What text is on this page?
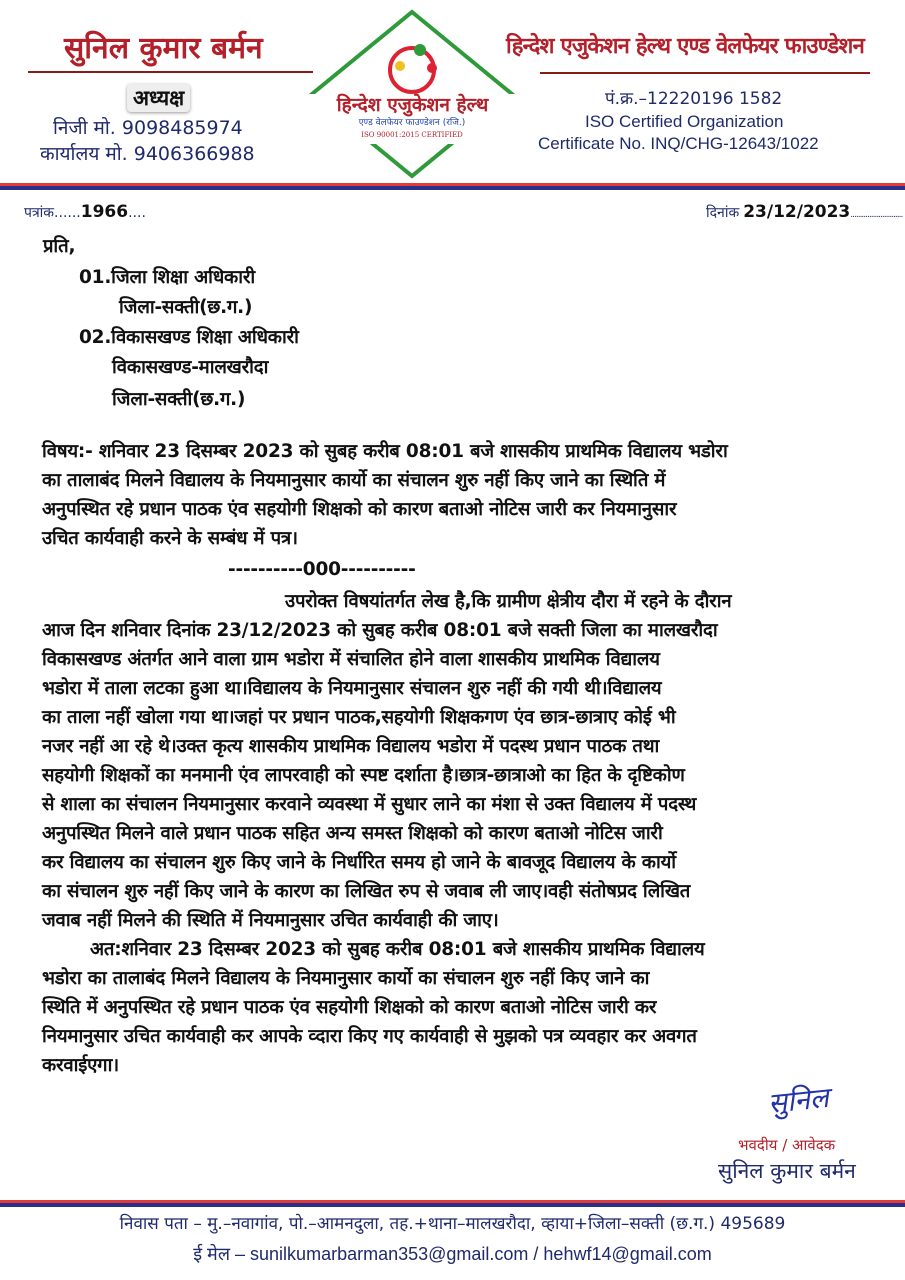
सुनिल कुमार बर्मन
अध्यक्ष
निजी मो. 9098485974
कार्यालय मो. 9406366988
हिन्देश एजुकेशन हेल्थ
एण्ड वेलफेयर फाउण्डेशन (रजि.)
ISO 90001:2015 CERTIFIED
हिन्देश एजुकेशन हेल्थ एण्ड वेलफेयर फाउण्डेशन
पं.क्र.–12220196 1582
ISO Certified Organization
Certificate No. INQ/CHG-12643/1022
पत्रांक......1966....	दिनांक 23/12/2023............................
प्रति,
01.जिला शिक्षा अधिकारी
जिला-सक्ती(छ.ग.)
02.विकासखण्ड शिक्षा अधिकारी
विकासखण्ड-मालखरौदा
जिला-सक्ती(छ.ग.)
विषय:- शनिवार 23 दिसम्बर 2023 को सुबह करीब 08:01 बजे शासकीय प्राथमिक विद्यालय भडोरा
का तालाबंद मिलने विद्यालय के नियमानुसार कार्यो का संचालन शुरु नहीं किए जाने का स्थिति में
अनुपस्थित रहे प्रधान पाठक एंव सहयोगी शिक्षको को कारण बताओ नोटिस जारी कर नियमानुसार
उचित कार्यवाही करने के सम्बंध में पत्र।
----------000----------
उपरोक्त विषयांतर्गत लेख है,कि ग्रामीण क्षेत्रीय दौरा में रहने के दौरान
आज दिन शनिवार दिनांक 23/12/2023 को सुबह करीब 08:01 बजे सक्ती जिला का मालखरौदा
विकासखण्ड अंतर्गत आने वाला ग्राम भडोरा में संचालित होने वाला शासकीय प्राथमिक विद्यालय
भडोरा में ताला लटका हुआ था।विद्यालय के नियमानुसार संचालन शुरु नहीं की गयी थी।विद्यालय
का ताला नहीं खोला गया था।जहां पर प्रधान पाठक,सहयोगी शिक्षकगण एंव छात्र-छात्राए कोई भी
नजर नहीं आ रहे थे।उक्त कृत्य शासकीय प्राथमिक विद्यालय भडोरा में पदस्थ प्रधान पाठक तथा
सहयोगी शिक्षकों का मनमानी एंव लापरवाही को स्पष्ट दर्शाता है।छात्र-छात्राओ का हित के दृष्टिकोण
से शाला का संचालन नियमानुसार करवाने व्यवस्था में सुधार लाने का मंशा से उक्त विद्यालय में पदस्थ
अनुपस्थित मिलने वाले प्रधान पाठक सहित अन्य समस्त शिक्षको को कारण बताओ नोटिस जारी
कर विद्यालय का संचालन शुरु किए जाने के निर्धारित समय हो जाने के बावजूद विद्यालय के कार्यो
का संचालन शुरु नहीं किए जाने के कारण का लिखित रुप से जवाब ली जाए।वही संतोषप्रद लिखित
जवाब नहीं मिलने की स्थिति में नियमानुसार उचित कार्यवाही की जाए।
अत:शनिवार 23 दिसम्बर 2023 को सुबह करीब 08:01 बजे शासकीय प्राथमिक विद्यालय
भडोरा का तालाबंद मिलने विद्यालय के नियमानुसार कार्यो का संचालन शुरु नहीं किए जाने का
स्थिति में अनुपस्थित रहे प्रधान पाठक एंव सहयोगी शिक्षको को कारण बताओ नोटिस जारी कर
नियमानुसार उचित कार्यवाही कर आपके व्दारा किए गए कार्यवाही से मुझको पत्र व्यवहार कर अवगत
करवाईएगा।
सुनिल
भवदीय / आवेदक
सुनिल कुमार बर्मन
निवास पता – मु.–नवागांव, पो.–आमनदुला, तह.+थाना–मालखरौदा, व्हाया+जिला–सक्ती (छ.ग.) 495689
ई मेल – sunilkumarbarman353@gmail.com / hehwf14@gmail.com
